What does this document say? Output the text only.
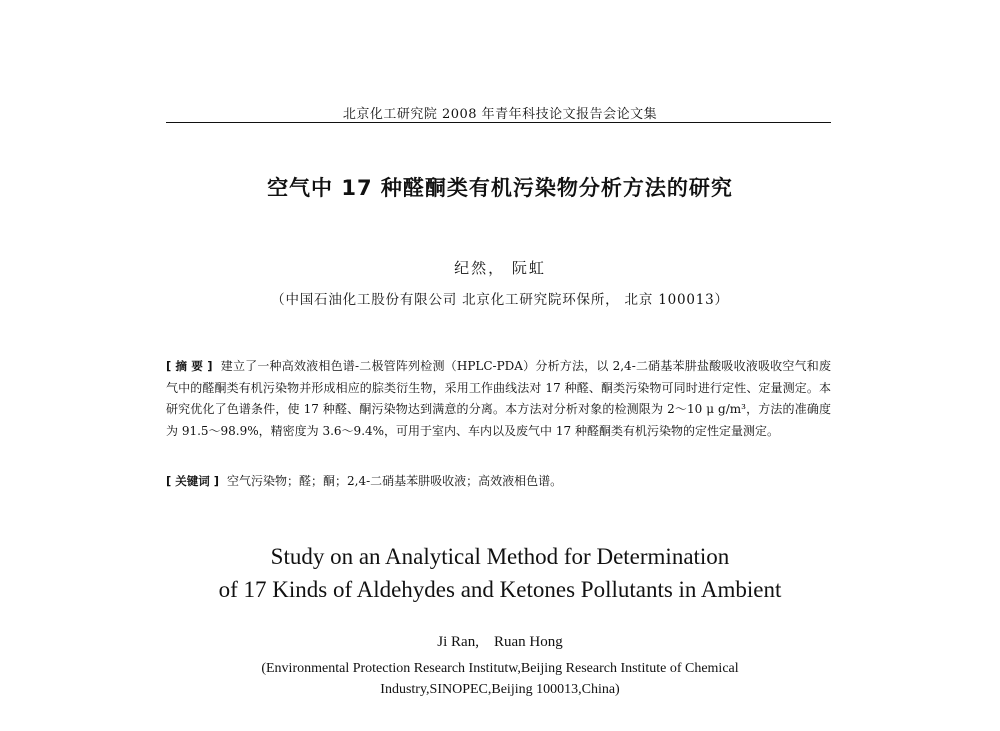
北京化工研究院 2008 年青年科技论文报告会论文集
空气中 17 种醛酮类有机污染物分析方法的研究
纪然， 阮虹
（中国石油化工股份有限公司 北京化工研究院环保所， 北京 100013）
[ 摘 要 ] 建立了一种高效液相色谱-二极管阵列检测（HPLC-PDA）分析方法，以 2,4-二硝基苯肼盐酸吸收液吸收空气和废气中的醛酮类有机污染物并形成相应的腙类衍生物，采用工作曲线法对 17 种醛、酮类污染物可同时进行定性、定量测定。本研究优化了色谱条件，使 17 种醛、酮污染物达到满意的分离。本方法对分析对象的检测限为 2～10 μ g/m³，方法的准确度为 91.5～98.9%，精密度为 3.6～9.4%，可用于室内、车内以及废气中 17 种醛酮类有机污染物的定性定量测定。
[ 关键词 ] 空气污染物；醛；酮；2,4-二硝基苯肼吸收液；高效液相色谱。
Study on an Analytical Method for Determination
of 17 Kinds of Aldehydes and Ketones Pollutants in Ambient
Ji Ran,    Ruan Hong
(Environmental Protection Research Institutw,Beijing Research Institute of Chemical
Industry,SINOPEC,Beijing 100013,China)
